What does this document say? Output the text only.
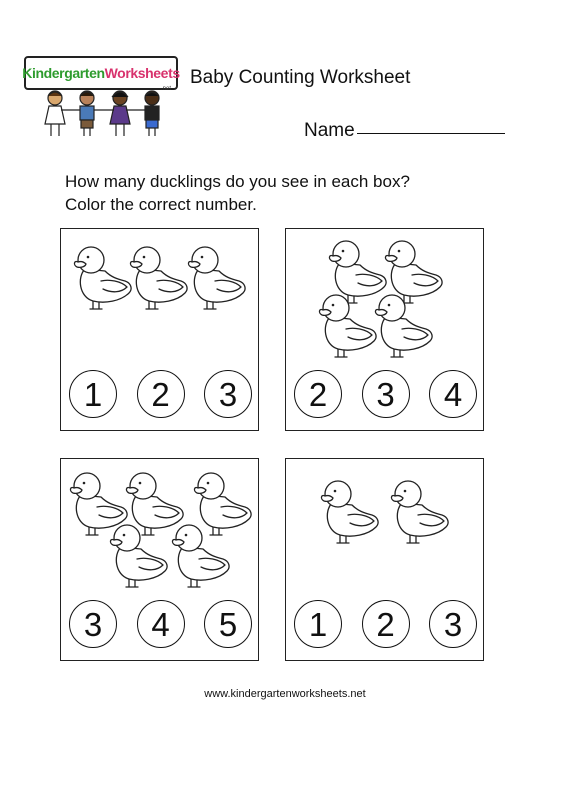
Kindergarten Worksheets
.net
Baby Counting Worksheet
Name
How many ducklings do you see in each box?
Color the correct number.
1	2	3	2	3	4
3	4	5	1	2	3
www.kindergartenworksheets.net
